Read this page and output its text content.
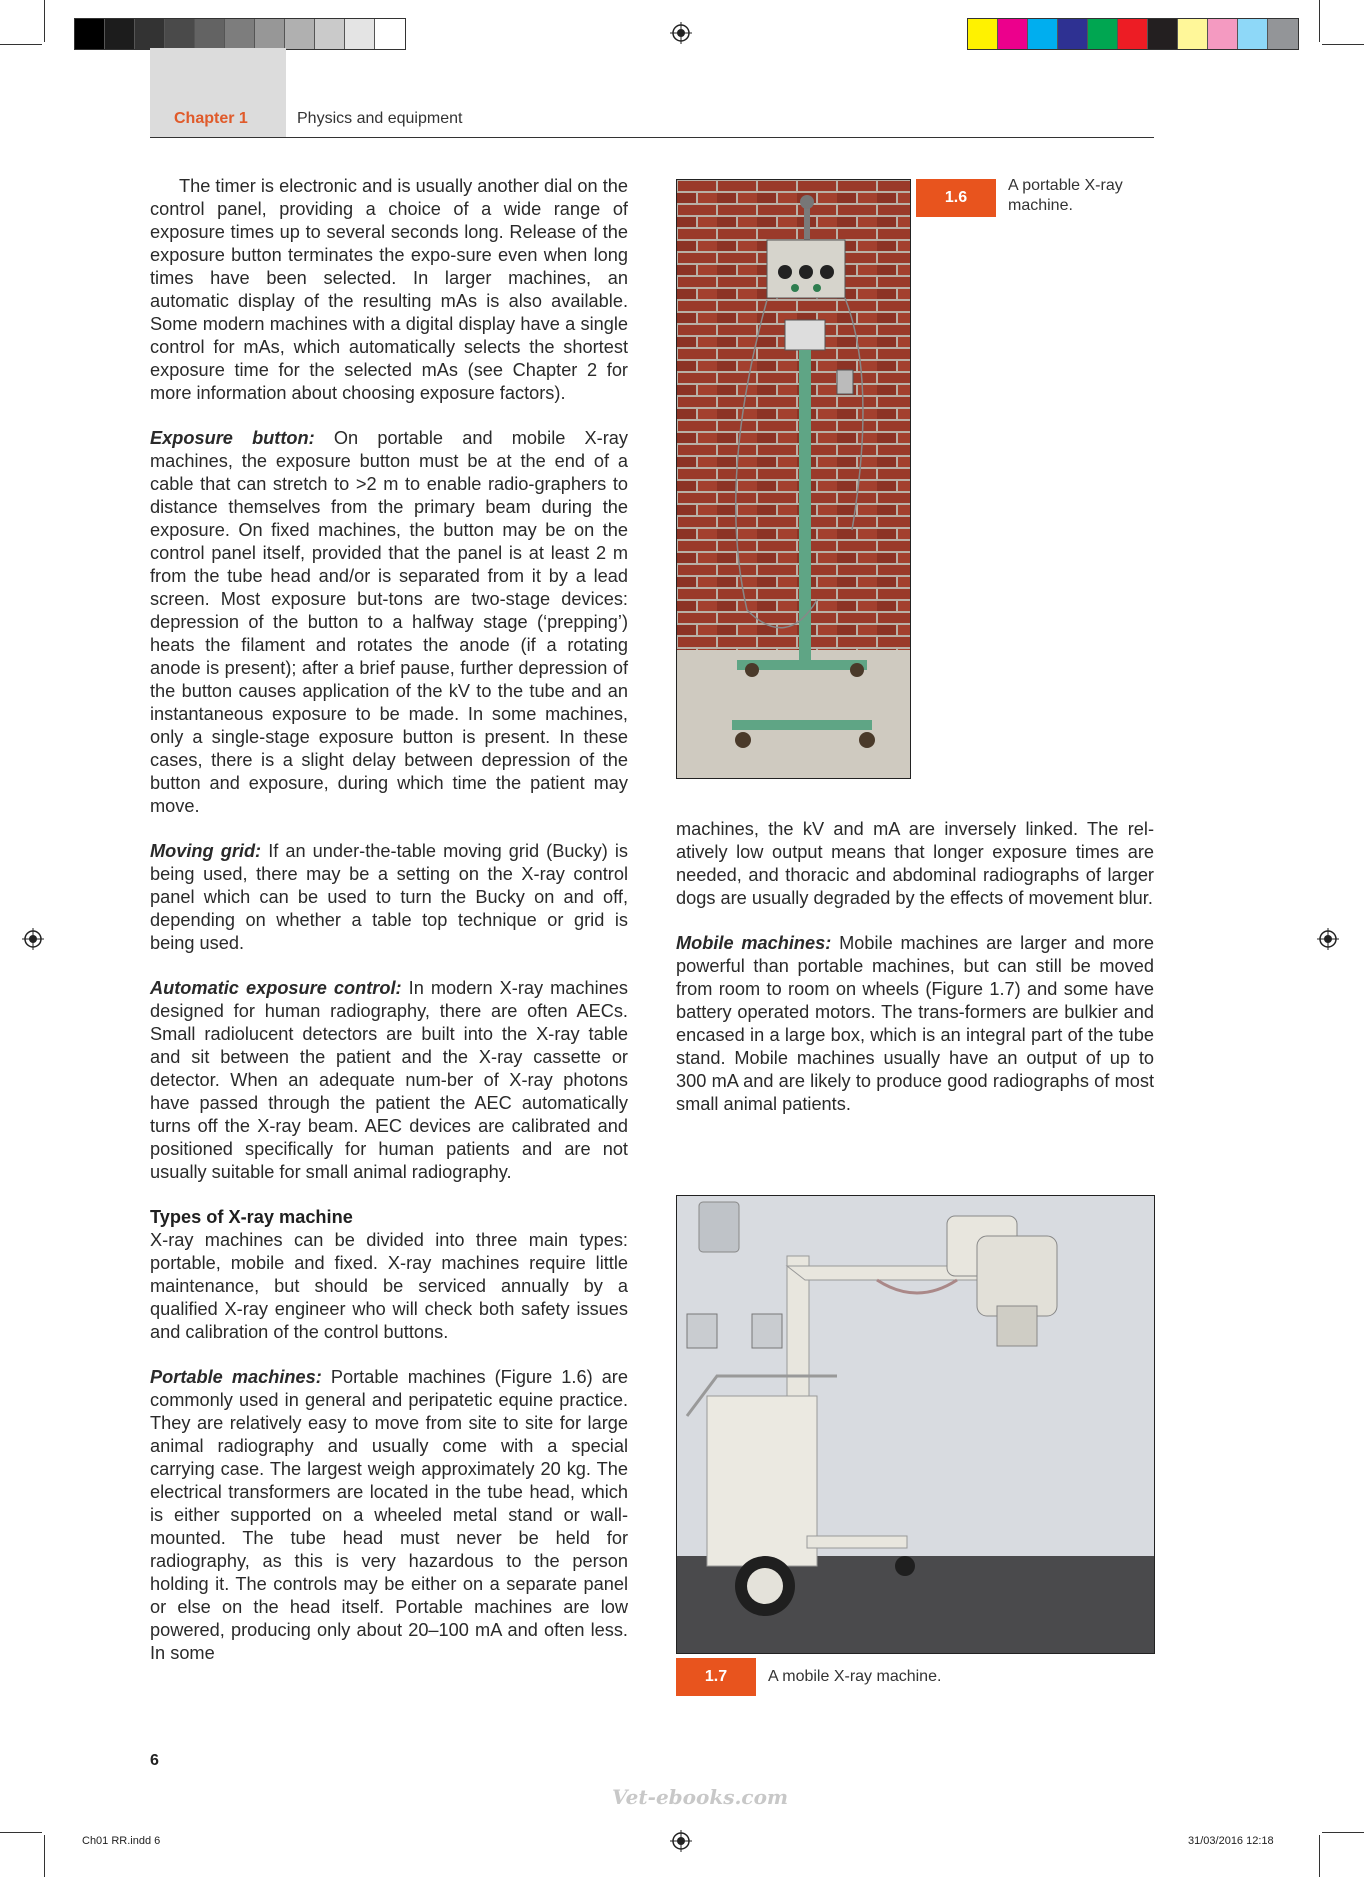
Chapter 1	Physics and equipment

The timer is electronic and is usually another dial on the control panel, providing a choice of a wide range of exposure times up to several seconds long. Release of the exposure button terminates the expo-sure even when long times have been selected. In larger machines, an automatic display of the resulting mAs is also available. Some modern machines with a digital display have a single control for mAs, which automatically selects the shortest exposure time for the selected mAs (see Chapter 2 for more information about choosing exposure factors).

Exposure button: On portable and mobile X-ray machines, the exposure button must be at the end of a cable that can stretch to >2 m to enable radio-graphers to distance themselves from the primary beam during the exposure. On fixed machines, the button may be on the control panel itself, provided that the panel is at least 2 m from the tube head and/or is separated from it by a lead screen. Most exposure but-tons are two-stage devices: depression of the button to a halfway stage (‘prepping’) heats the filament and rotates the anode (if a rotating anode is present); after a brief pause, further depression of the button causes application of the kV to the tube and an instantaneous exposure to be made. In some machines, only a single-stage exposure button is present. In these cases, there is a slight delay between depression of the button and exposure, during which time the patient may move.

Moving grid: If an under-the-table moving grid (Bucky) is being used, there may be a setting on the X-ray control panel which can be used to turn the Bucky on and off, depending on whether a table top technique or grid is being used.

Automatic exposure control: In modern X-ray machines designed for human radiography, there are often AECs. Small radiolucent detectors are built into the X-ray table and sit between the patient and the X-ray cassette or detector. When an adequate num-ber of X-ray photons have passed through the patient the AEC automatically turns off the X-ray beam. AEC devices are calibrated and positioned specifically for human patients and are not usually suitable for small animal radiography.

Types of X-ray machine

X-ray machines can be divided into three main types: portable, mobile and fixed. X-ray machines require little maintenance, but should be serviced annually by a qualified X-ray engineer who will check both safety issues and calibration of the control buttons.

Portable machines: Portable machines (Figure 1.6) are commonly used in general and peripatetic equine practice. They are relatively easy to move from site to site for large animal radiography and usually come with a special carrying case. The largest weigh approximately 20 kg. The electrical transformers are located in the tube head, which is either supported on a wheeled metal stand or wall-mounted. The tube head must never be held for radiography, as this is very hazardous to the person holding it. The controls may be either on a separate panel or else on the head itself. Portable machines are low powered, producing only about 20–100 mA and often less. In some

1.6
A portable X-ray machine.

machines, the kV and mA are inversely linked. The rel-atively low output means that longer exposure times are needed, and thoracic and abdominal radiographs of larger dogs are usually degraded by the effects of movement blur.

Mobile machines: Mobile machines are larger and more powerful than portable machines, but can still be moved from room to room on wheels (Figure 1.7) and some have battery operated motors. The trans-formers are bulkier and encased in a large box, which is an integral part of the tube stand. Mobile machines usually have an output of up to 300 mA and are likely to produce good radiographs of most small animal patients.

1.7	A mobile X-ray machine.
6
Vet-ebooks.com
Ch01 RR.indd 6	31/03/2016 12:18
